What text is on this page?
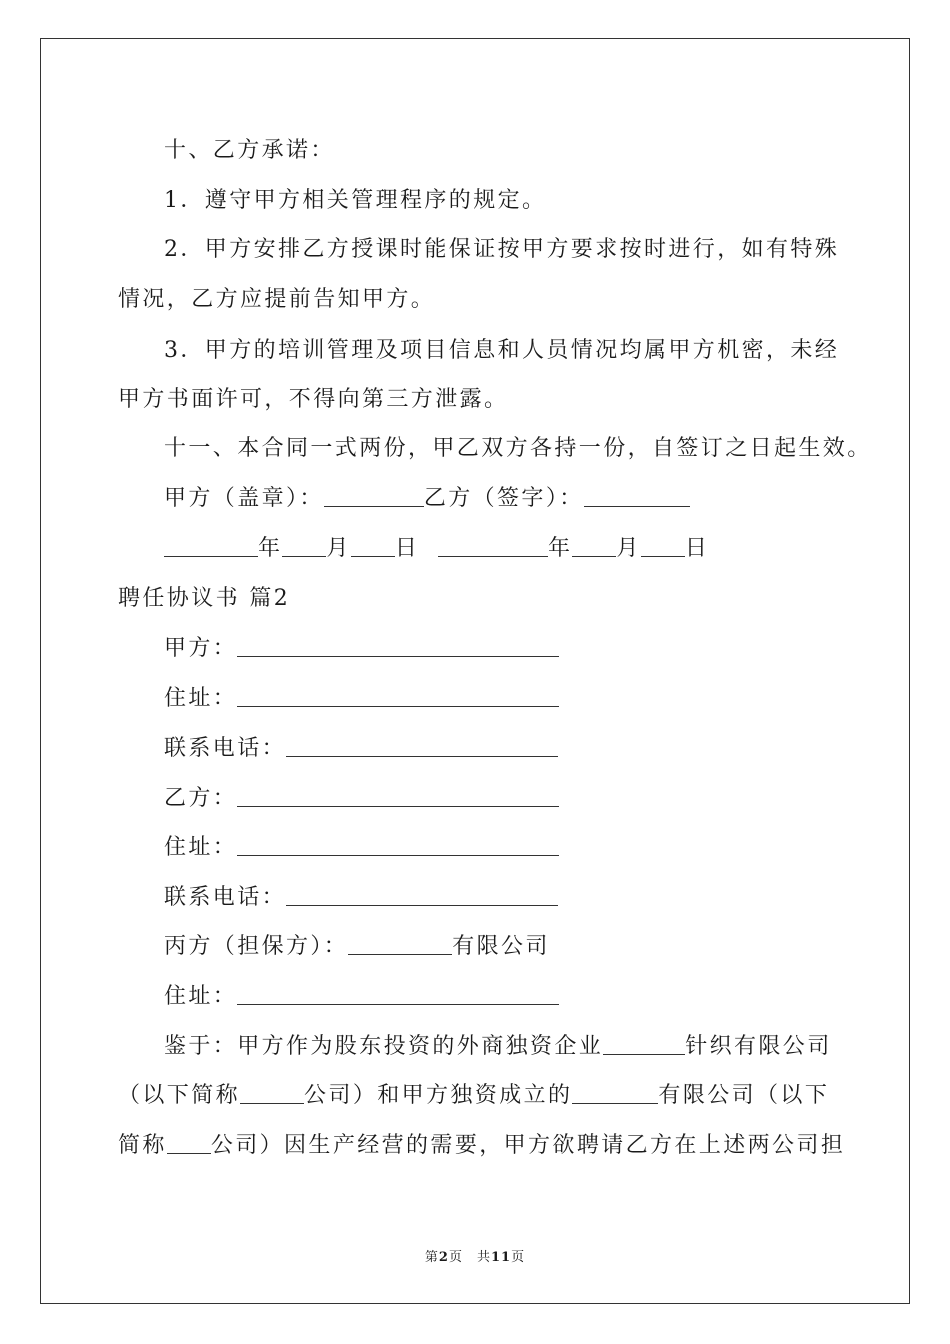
十、乙方承诺：
1．遵守甲方相关管理程序的规定。
2．甲方安排乙方授课时能保证按甲方要求按时进行，如有特殊
情况，乙方应提前告知甲方。
3．甲方的培训管理及项目信息和人员情况均属甲方机密，未经
甲方书面许可，不得向第三方泄露。
十一、本合同一式两份，甲乙双方各持一份，自签订之日起生效。
甲方（盖章）：	乙方（签字）：
年 月 日	年 月 日
聘任协议书 篇2
甲方：
住址：
联系电话：
乙方：
住址：
联系电话：
丙方（担保方）：	有限公司
住址：
鉴于：甲方作为股东投资的外商独资企业	针织有限公司
（以下简称	公司）和甲方独资成立的	有限公司（以下
简称 公司）因生产经营的需要，甲方欲聘请乙方在上述两公司担
第2页　共11页
